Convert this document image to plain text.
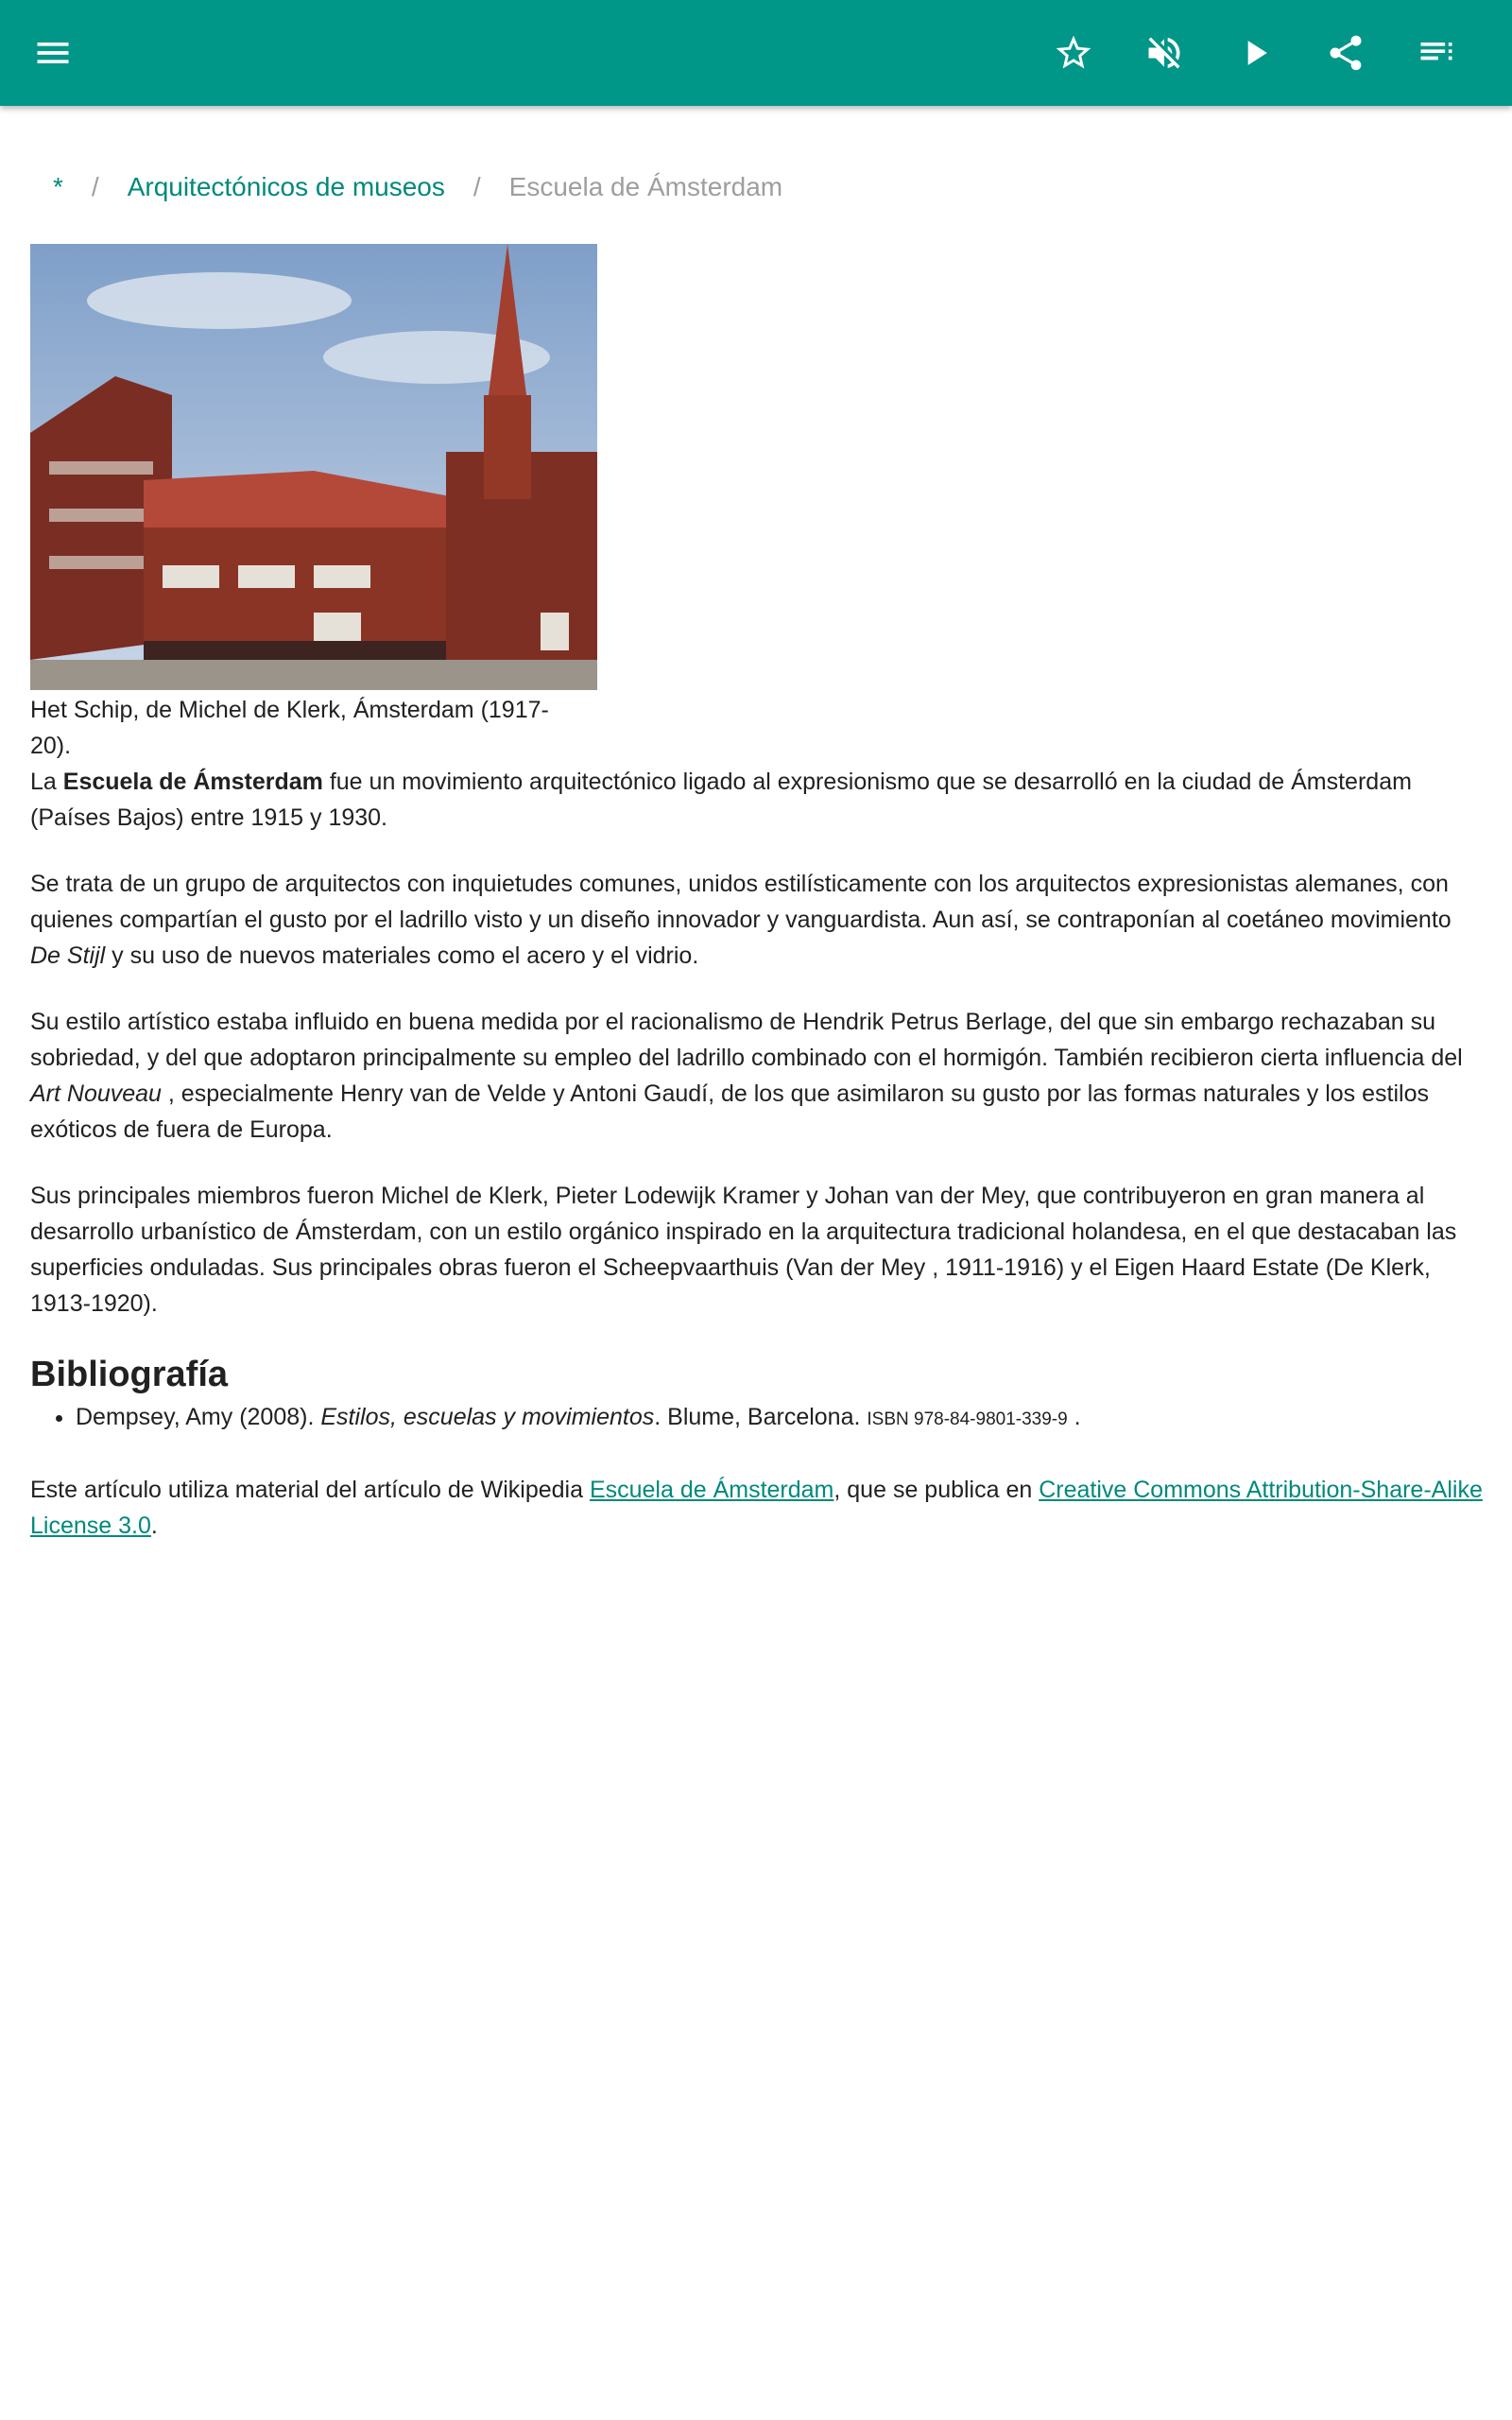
* / Arquitectónicos de museos / Escuela de Ámsterdam
Het Schip, de Michel de Klerk, Ámsterdam (1917-20).

La Escuela de Ámsterdam fue un movimiento arquitectónico ligado al expresionismo que se desarrolló en la ciudad de Ámsterdam (Países Bajos) entre 1915 y 1930.

Se trata de un grupo de arquitectos con inquietudes comunes, unidos estilísticamente con los arquitectos expresionistas alemanes, con quienes compartían el gusto por el ladrillo visto y un diseño innovador y vanguardista. Aun así, se contraponían al coetáneo movimiento De Stijl y su uso de nuevos materiales como el acero y el vidrio.

Su estilo artístico estaba influido en buena medida por el racionalismo de Hendrik Petrus Berlage, del que sin embargo rechazaban su sobriedad, y del que adoptaron principalmente su empleo del ladrillo combinado con el hormigón. También recibieron cierta influencia del Art Nouveau , especialmente Henry van de Velde y Antoni Gaudí, de los que asimilaron su gusto por las formas naturales y los estilos exóticos de fuera de Europa.

Sus principales miembros fueron Michel de Klerk, Pieter Lodewijk Kramer y Johan van der Mey, que contribuyeron en gran manera al desarrollo urbanístico de Ámsterdam, con un estilo orgánico inspirado en la arquitectura tradicional holandesa, en el que destacaban las superficies onduladas. Sus principales obras fueron el Scheepvaarthuis (Van der Mey , 1911-1916) y el Eigen Haard Estate (De Klerk, 1913-1920).

Bibliografía
• Dempsey, Amy (2008). Estilos, escuelas y movimientos. Blume, Barcelona. ISBN 978-84-9801-339-9 .

Este artículo utiliza material del artículo de Wikipedia Escuela de Ámsterdam, que se publica en Creative Commons Attribution-Share-Alike License 3.0.
